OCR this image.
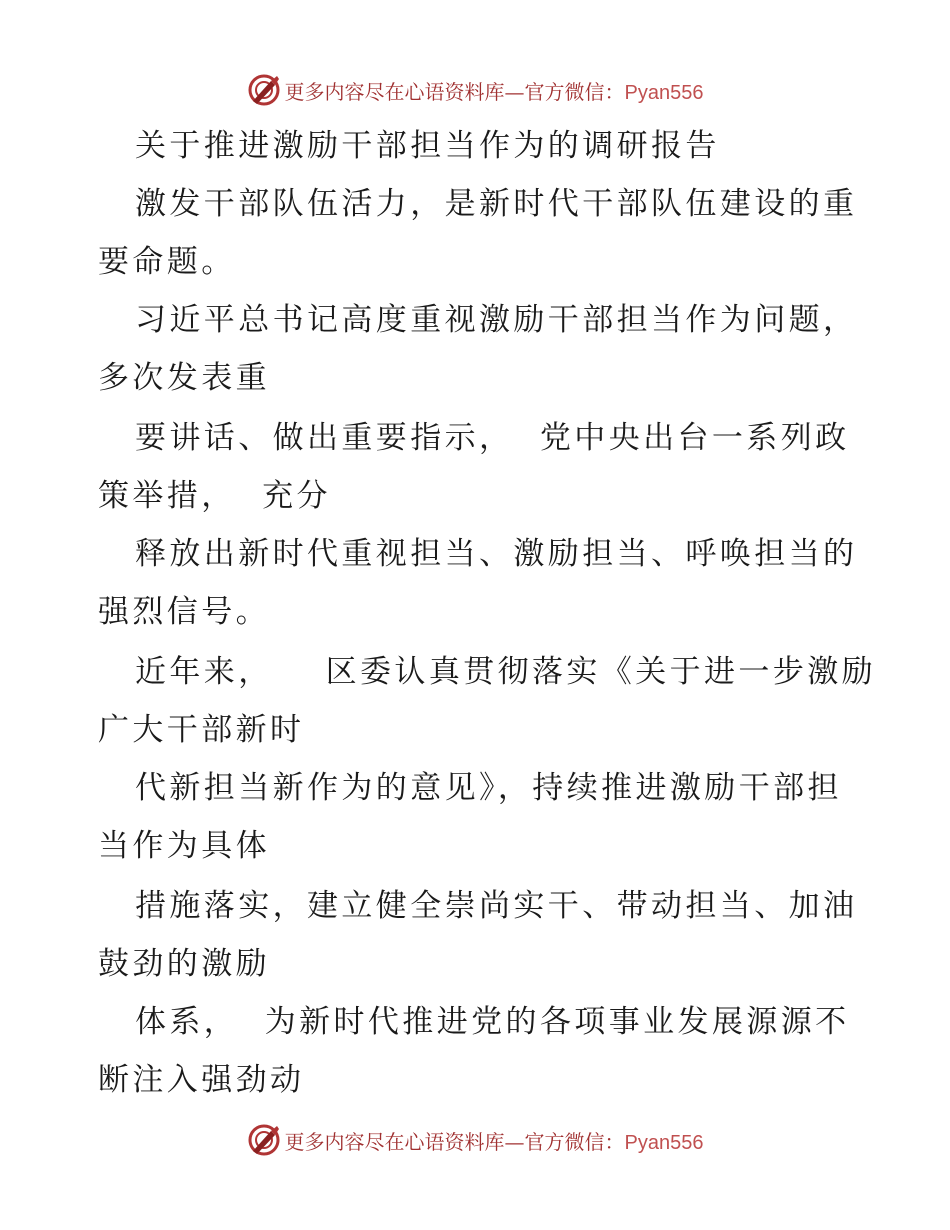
更多内容尽在心语资料库—官方微信：Pyan556
关于推进激励干部担当作为的调研报告
激发干部队伍活力，是新时代干部队伍建设的重
要命题。
习近平总书记高度重视激励干部担当作为问题，
多次发表重
要讲话、做出重要指示，  党中央出台一系列政
策举措，  充分
释放出新时代重视担当、激励担当、呼唤担当的
强烈信号。
近年来，    区委认真贯彻落实《关于进一步激励
广大干部新时
代新担当新作为的意见》，持续推进激励干部担
当作为具体
措施落实，建立健全崇尚实干、带动担当、加油
鼓劲的激励
体系，  为新时代推进党的各项事业发展源源不
断注入强劲动
更多内容尽在心语资料库—官方微信：Pyan556
